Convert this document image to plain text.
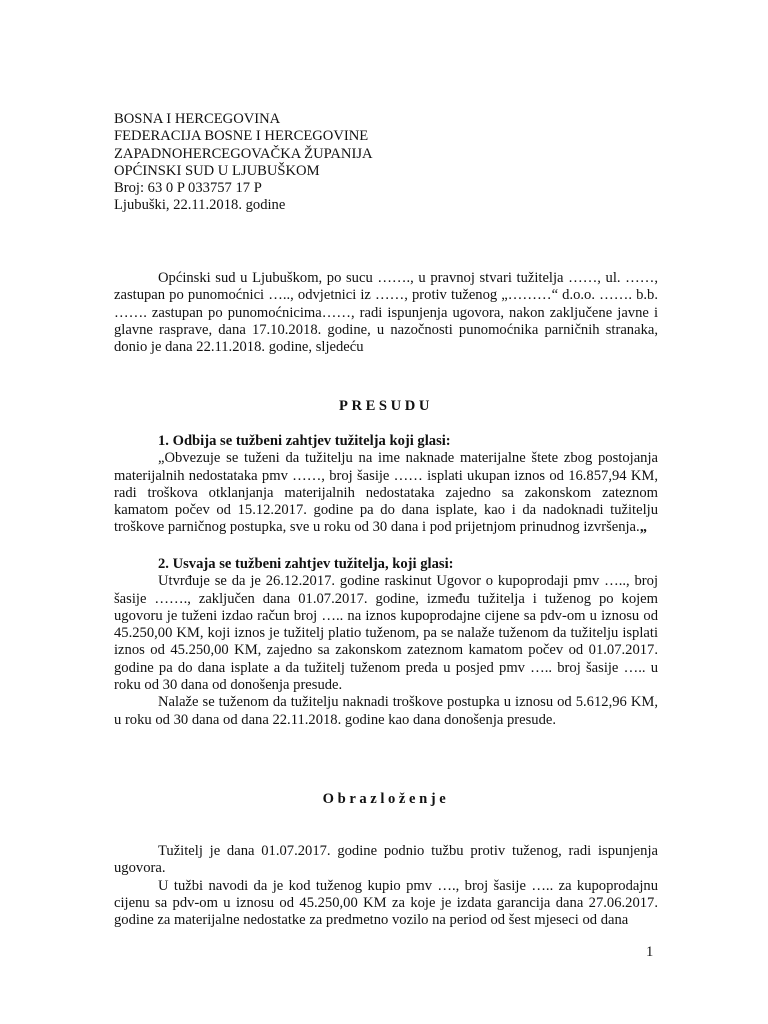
BOSNA I HERCEGOVINA
FEDERACIJA BOSNE I HERCEGOVINE
ZAPADNOHERCEGOVAČKA ŽUPANIJA
OPĆINSKI SUD U LJUBUŠKOM
Broj: 63 0 P 033757 17 P
Ljubuški, 22.11.2018. godine

Općinski sud u Ljubuškom, po sucu ……., u pravnoj stvari tužitelja ……, ul. ……, zastupan po punomoćnici ….., odvjetnici iz ……, protiv tuženog „………“ d.o.o. ……. b.b. ……. zastupan po punomoćnicima……, radi ispunjenja ugovora, nakon zaključene javne i glavne rasprave, dana 17.10.2018. godine, u nazočnosti punomoćnika parničnih stranaka, donio je dana 22.11.2018. godine, sljedeću

PRESUDU

1. Odbija se tužbeni zahtjev tužitelja koji glasi:

„Obvezuje se tuženi da tužitelju na ime naknade materijalne štete zbog postojanja materijalnih nedostataka pmv ……, broj šasije …… isplati ukupan iznos od 16.857,94 KM, radi troškova otklanjanja materijalnih nedostataka zajedno sa zakonskom zateznom kamatom počev od 15.12.2017. godine pa do dana isplate, kao i da nadoknadi tužitelju troškove parničnog postupka, sve u roku od 30 dana i pod prijetnjom prinudnog izvršenja.„

2. Usvaja se tužbeni zahtjev tužitelja, koji glasi:

Utvrđuje se da je 26.12.2017. godine raskinut Ugovor o kupoprodaji pmv ….., broj šasije ……., zaključen dana 01.07.2017. godine, između tužitelja i tuženog po kojem ugovoru je tuženi izdao račun broj ….. na iznos kupoprodajne cijene sa pdv-om u iznosu od 45.250,00 KM, koji iznos je tužitelj platio tuženom, pa se nalaže tuženom da tužitelju isplati iznos od 45.250,00 KM, zajedno sa zakonskom zateznom kamatom počev od 01.07.2017. godine pa do dana isplate a da tužitelj tuženom preda u posjed pmv ….. broj šasije ….. u roku od 30 dana od donošenja presude.

Nalaže se tuženom da tužitelju naknadi troškove postupka u iznosu od 5.612,96 KM, u roku od 30 dana od dana 22.11.2018. godine kao dana donošenja presude.

Obrazloženje

Tužitelj je dana 01.07.2017. godine podnio tužbu protiv tuženog, radi ispunjenja ugovora.

U tužbi navodi da je kod tuženog kupio pmv …., broj šasije ….. za kupoprodajnu cijenu sa pdv-om u iznosu od 45.250,00 KM za koje je izdata garancija dana 27.06.2017. godine za materijalne nedostatke za predmetno vozilo na period od šest mjeseci od dana

1
